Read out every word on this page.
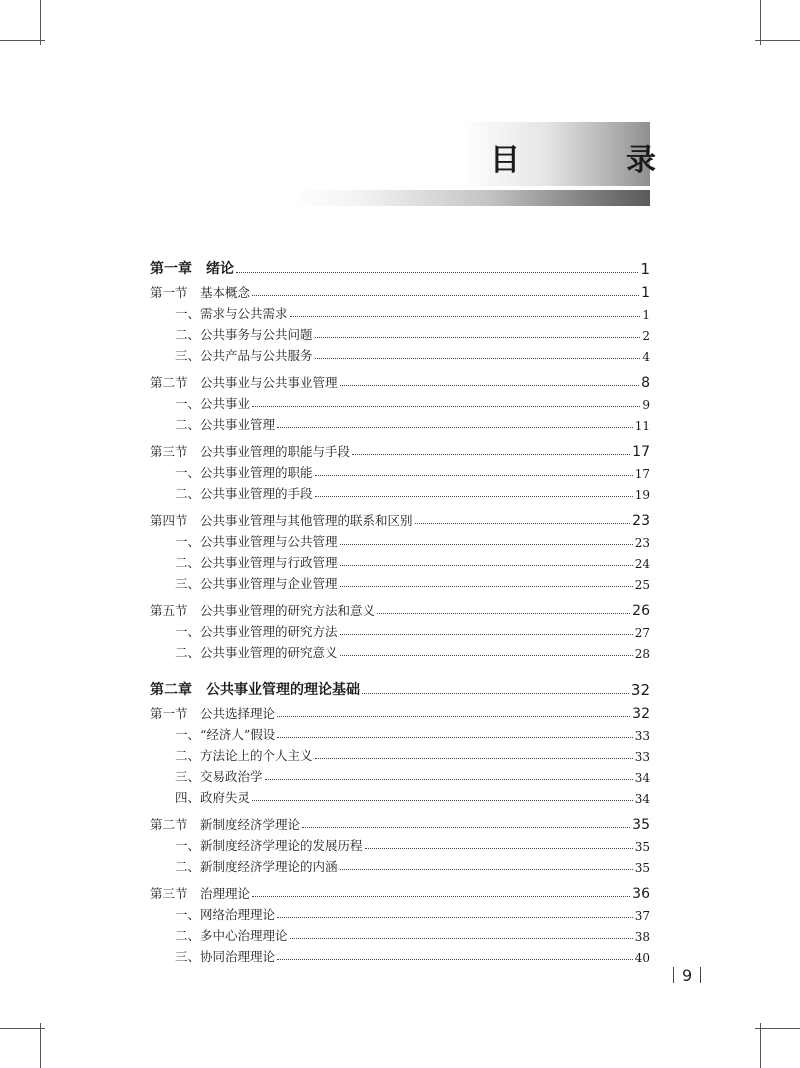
目　录
第一章　绪论	1
第一节　基本概念	1
一、需求与公共需求	1
二、公共事务与公共问题	2
三、公共产品与公共服务	4
第二节　公共事业与公共事业管理	8
一、公共事业	9
二、公共事业管理	11
第三节　公共事业管理的职能与手段	17
一、公共事业管理的职能	17
二、公共事业管理的手段	19
第四节　公共事业管理与其他管理的联系和区别	23
一、公共事业管理与公共管理	23
二、公共事业管理与行政管理	24
三、公共事业管理与企业管理	25
第五节　公共事业管理的研究方法和意义	26
一、公共事业管理的研究方法	27
二、公共事业管理的研究意义	28
第二章　公共事业管理的理论基础	32
第一节　公共选择理论	32
一、“经济人”假设	33
二、方法论上的个人主义	33
三、交易政治学	34
四、政府失灵	34
第二节　新制度经济学理论	35
一、新制度经济学理论的发展历程	35
二、新制度经济学理论的内涵	35
第三节　治理理论	36
一、网络治理理论	37
二、多中心治理理论	38
三、协同治理理论	40
9
